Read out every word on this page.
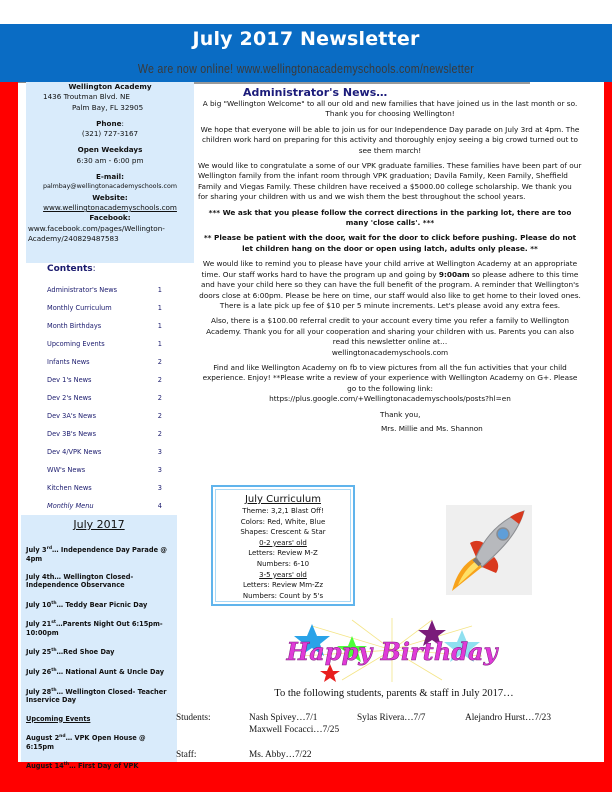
July 2017 Newsletter
We are now online! www.wellingtonacademyschools.com/newsletter
Wellington Academy
1436 Troutman Blvd. NE
Palm Bay, FL 32905
Phone:
(321) 727-3167
Open Weekdays
6:30 am - 6:00 pm
E-mail:
palmbay@wellingtonacademyschools.com
Website:
www.wellingtonacademyschools.com
Facebook:
www.facebook.com/pages/Wellington-
Academy/240829487583
Contents:
Administrator's News	1
Monthly Curriculum	1
Month Birthdays	1
Upcoming Events	1
Infants News	2
Dev 1's News	2
Dev 2's News	2
Dev 3A's News	2
Dev 3B's News	2
Dev 4/VPK News	3
WW's News	3
Kitchen News	3
Monthly Menu	4
July 2017
July 3rd… Independence Day Parade @ 4pm
July 4th… Wellington Closed- Independence Observance
July 10th… Teddy Bear Picnic Day
July 21st…Parents Night Out 6:15pm-10:00pm
July 25th…Red Shoe Day
July 26th… National Aunt & Uncle Day
July 28th… Wellington Closed- Teacher Inservice Day
Upcoming Events
August 2nd… VPK Open House @ 6:15pm
August 14th… First Day of VPK
Administrator's News…

A big "Wellington Welcome" to all our old and new families that have joined us in the last month or so. Thank you for choosing Wellington!

We hope that everyone will be able to join us for our Independence Day parade on July 3rd at 4pm. The children work hard on preparing for this activity and thoroughly enjoy seeing a big crowd turned out to see them march!

We would like to congratulate a some of our VPK graduate families. These families have been part of our Wellington family from the infant room through VPK graduation; Davila Family, Keen Family, Sheffield Family and Viegas Family. These children have received a $5000.00 college scholarship. We thank you for sharing your children with us and we wish them the best throughout the school years.

*** We ask that you please follow the correct directions in the parking lot, there are too many 'close calls'. ***

** Please be patient with the door, wait for the door to click before pushing. Please do not let children hang on the door or open using latch, adults only please. **

We would like to remind you to please have your child arrive at Wellington Academy at an appropriate time. Our staff works hard to have the program up and going by 9:00am so please adhere to this time and have your child here so they can have the full benefit of the program. A reminder that Wellington's doors close at 6:00pm. Please be here on time, our staff would also like to get home to their loved ones. There is a late pick up fee of $10 per 5 minute increments. Let's please avoid any extra fees.

Also, there is a $100.00 referral credit to your account every time you refer a family to Wellington Academy. Thank you for all your cooperation and sharing your children with us. Parents you can also read this newsletter online at…
wellingtonacademyschools.com

Find and like Wellington Academy on fb to view pictures from all the fun activities that your child experience. Enjoy! **Please write a review of your experience with Wellington Academy on G+. Please go to the following link:
https://plus.google.com/+Wellingtonacademyschools/posts?hl=en

Thank you,
Mrs. Millie and Ms. Shannon
July Curriculum
Theme: 3,2,1 Blast Off!
Colors: Red, White, Blue
Shapes: Crescent & Star
0-2 years' old
Letters: Review M-Z
Numbers: 6-10
3-5 years' old
Letters: Review Mm-Zz
Numbers: Count by 5's
Happy Birthday
To the following students, parents & staff in July 2017…
Students:	Nash Spivey…7/1	Sylas Rivera…7/7	Alejandro Hurst…7/23
Maxwell Focacci…7/25
Staff:	Ms. Abby…7/22
